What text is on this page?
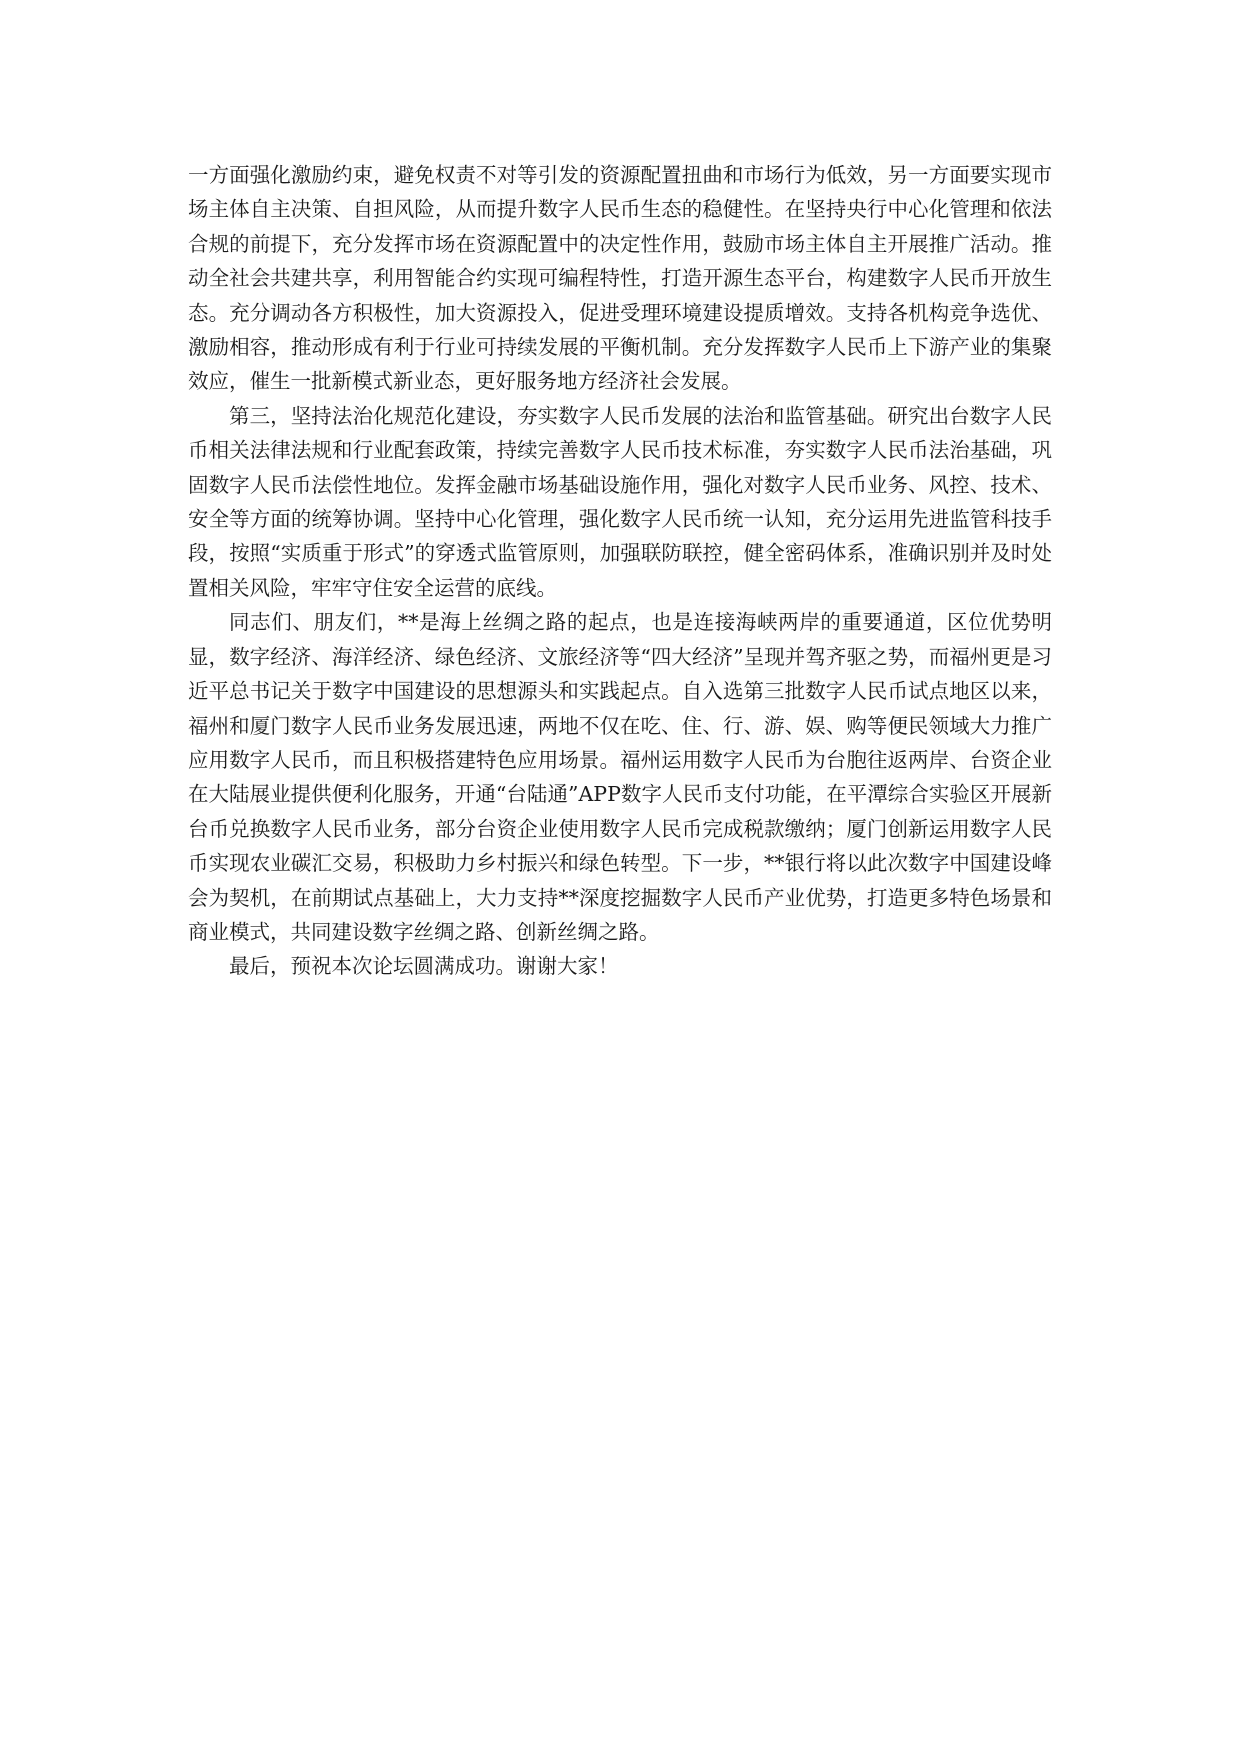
一方面强化激励约束，避免权责不对等引发的资源配置扭曲和市场行为低效，另一方面要实现市场主体自主决策、自担风险，从而提升数字人民币生态的稳健性。在坚持央行中心化管理和依法合规的前提下，充分发挥市场在资源配置中的决定性作用，鼓励市场主体自主开展推广活动。推动全社会共建共享，利用智能合约实现可编程特性，打造开源生态平台，构建数字人民币开放生态。充分调动各方积极性，加大资源投入，促进受理环境建设提质增效。支持各机构竞争选优、激励相容，推动形成有利于行业可持续发展的平衡机制。充分发挥数字人民币上下游产业的集聚效应，催生一批新模式新业态，更好服务地方经济社会发展。

第三，坚持法治化规范化建设，夯实数字人民币发展的法治和监管基础。研究出台数字人民币相关法律法规和行业配套政策，持续完善数字人民币技术标准，夯实数字人民币法治基础，巩固数字人民币法偿性地位。发挥金融市场基础设施作用，强化对数字人民币业务、风控、技术、安全等方面的统筹协调。坚持中心化管理，强化数字人民币统一认知，充分运用先进监管科技手段，按照“实质重于形式”的穿透式监管原则，加强联防联控，健全密码体系，准确识别并及时处置相关风险，牢牢守住安全运营的底线。

同志们、朋友们，**是海上丝绸之路的起点，也是连接海峡两岸的重要通道，区位优势明显，数字经济、海洋经济、绿色经济、文旅经济等“四大经济”呈现并驾齐驱之势，而福州更是习近平总书记关于数字中国建设的思想源头和实践起点。自入选第三批数字人民币试点地区以来，福州和厦门数字人民币业务发展迅速，两地不仅在吃、住、行、游、娱、购等便民领域大力推广应用数字人民币，而且积极搭建特色应用场景。福州运用数字人民币为台胞往返两岸、台资企业在大陆展业提供便利化服务，开通“台陆通”APP数字人民币支付功能，在平潭综合实验区开展新台币兑换数字人民币业务，部分台资企业使用数字人民币完成税款缴纳；厦门创新运用数字人民币实现农业碳汇交易，积极助力乡村振兴和绿色转型。下一步，**银行将以此次数字中国建设峰会为契机，在前期试点基础上，大力支持**深度挖掘数字人民币产业优势，打造更多特色场景和商业模式，共同建设数字丝绸之路、创新丝绸之路。

最后，预祝本次论坛圆满成功。谢谢大家！
